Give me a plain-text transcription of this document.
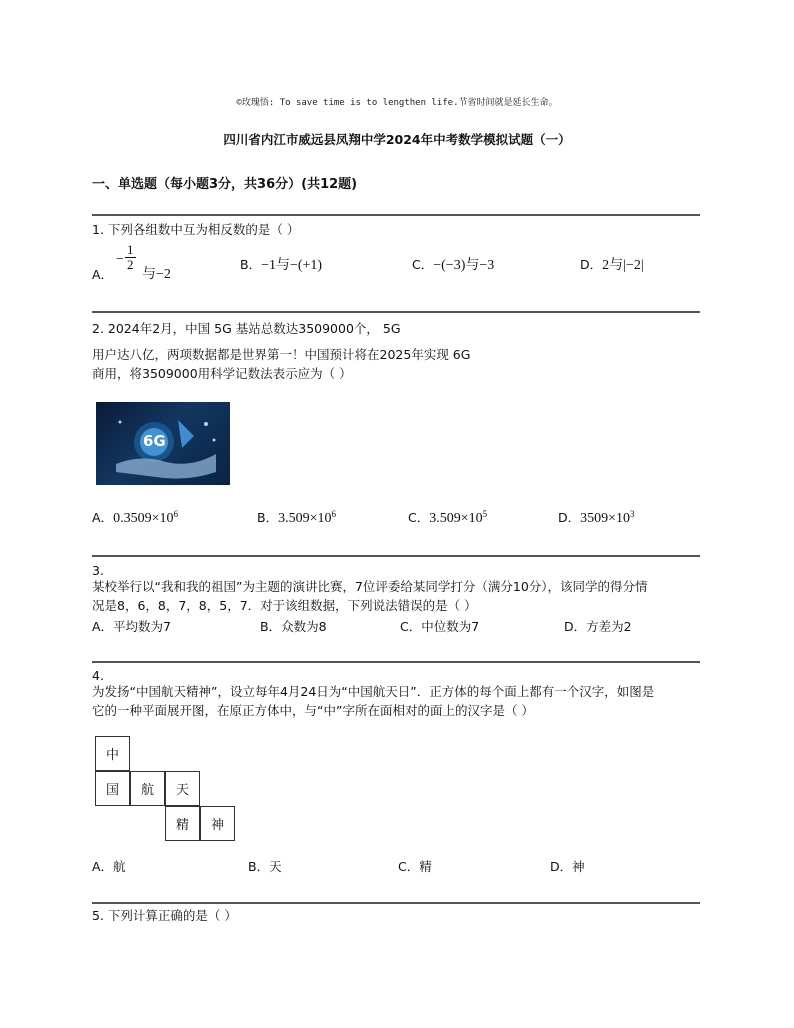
©玫瑰悟: To save time is to lengthen life.节省时间就是延长生命。
四川省内江市威远县凤翔中学2024年中考数学模拟试题（一）
一、单选题（每小题3分，共36分）(共12题)
1. 下列各组数中互为相反数的是（ ）
A．
− $\frac{1}{2}$
与−2
B．−1与−(+1)	C．−(−3)与−3	D．2与|−2|
2. 2024年2月，中国 5G 基站总数达3509000个， 5G
用户达八亿，两项数据都是世界第一！中国预计将在2025年实现 6G
商用，将3509000用科学记数法表示应为（ ）
6G
A．$0.3509\times 10^6$	B．$3.509\times 10^6$	C．$3.509\times 10^5$	D．$3509\times 10^3$
3.
某校举行以“我和我的祖国”为主题的演讲比赛，7位评委给某同学打分（满分10分），该同学的得分情
况是8，6，8，7，8，5，7．对于该组数据，下列说法错误的是（ ）
A．平均数为7	B．众数为8	C．中位数为7	D．方差为2
4.
为发扬“中国航天精神”，设立每年4月24日为“中国航天日”．正方体的每个面上都有一个汉字，如图是
它的一种平面展开图，在原正方体中，与“中”字所在面相对的面上的汉字是（ ）
中
国	航	天
精	神
A．航	B．天	C．精	D．神
5. 下列计算正确的是（ ）
